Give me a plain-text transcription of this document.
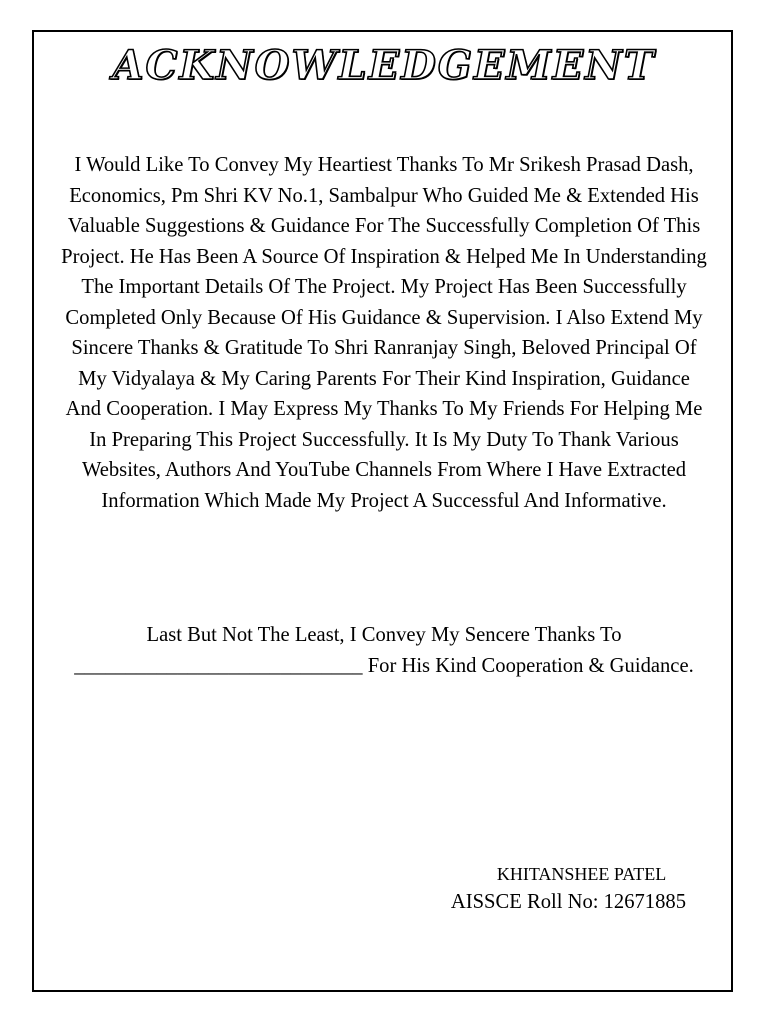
ACKNOWLEDGEMENT

I Would Like To Convey My Heartiest Thanks To Mr Srikesh Prasad Dash, Economics, Pm Shri KV No.1, Sambalpur Who Guided Me & Extended His Valuable Suggestions & Guidance For The Successfully Completion Of This Project. He Has Been A Source Of Inspiration & Helped Me In Understanding The Important Details Of The Project. My Project Has Been Successfully Completed Only Because Of His Guidance & Supervision. I Also Extend My Sincere Thanks & Gratitude To Shri Ranranjay Singh, Beloved Principal Of My Vidyalaya & My Caring Parents For Their Kind Inspiration, Guidance And Cooperation. I May Express My Thanks To My Friends For Helping Me In Preparing This Project Successfully. It Is My Duty To Thank Various Websites, Authors And YouTube Channels From Where I Have Extracted Information Which Made My Project A Successful And Informative.

Last But Not The Least, I Convey My Sencere Thanks To ____________________________ For His Kind Cooperation & Guidance.

KHITANSHEE PATEL
AISSCE Roll No: 12671885
